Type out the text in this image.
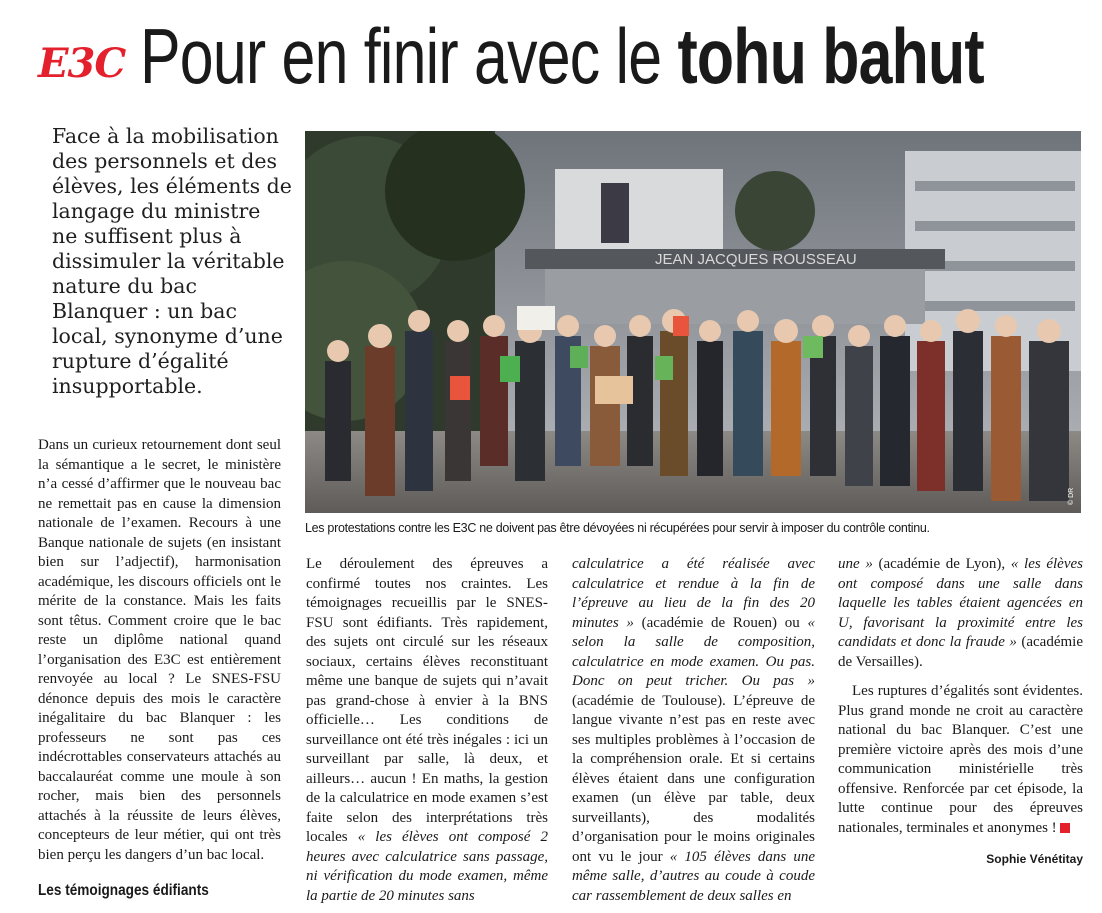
E3C Pour en finir avec le tohu bahut
Face à la mobilisation des personnels et des élèves, les éléments de langage du ministre ne suffisent plus à dissimuler la véritable nature du bac Blanquer : un bac local, synonyme d’une rupture d’égalité insupportable.
JEAN JACQUES ROUSSEAU
© DR
Les protestations contre les E3C ne doivent pas être dévoyées ni récupérées pour servir à imposer du contrôle continu.

Dans un curieux retournement dont seul la sémantique a le secret, le ministère n’a cessé d’affirmer que le nouveau bac ne remettait pas en cause la dimension nationale de l’examen. Recours à une Banque nationale de sujets (en insistant bien sur l’adjectif), harmonisation académique, les discours officiels ont le mérite de la constance. Mais les faits sont têtus. Comment croire que le bac reste un diplôme national quand l’organisation des E3C est entièrement renvoyée au local ? Le SNES-FSU dénonce depuis des mois le caractère inégalitaire du bac Blanquer : les professeurs ne sont pas ces indécrottables conservateurs attachés au baccalauréat comme une moule à son rocher, mais bien des personnels attachés à la réussite de leurs élèves, concepteurs de leur métier, qui ont très bien perçu les dangers d’un bac local.

Les témoignages édifiants

Le déroulement des épreuves a confirmé toutes nos craintes. Les témoignages recueillis par le SNES-FSU sont édifiants. Très rapidement, des sujets ont circulé sur les réseaux sociaux, certains élèves reconstituant même une banque de sujets qui n’avait pas grand-chose à envier à la BNS officielle… Les conditions de surveillance ont été très inégales : ici un surveillant par salle, là deux, et ailleurs… aucun ! En maths, la gestion de la calculatrice en mode examen s’est faite selon des interprétations très locales « les élèves ont composé 2 heures avec calculatrice sans passage, ni vérification du mode examen, même la partie de 20 minutes sans

calculatrice a été réalisée avec calculatrice et rendue à la fin de l’épreuve au lieu de la fin des 20 minutes » (académie de Rouen) ou « selon la salle de composition, calculatrice en mode examen. Ou pas. Donc on peut tricher. Ou pas » (académie de Toulouse). L’épreuve de langue vivante n’est pas en reste avec ses multiples problèmes à l’occasion de la compréhension orale. Et si certains élèves étaient dans une configuration examen (un élève par table, deux surveillants), des modalités d’organisation pour le moins originales ont vu le jour « 105 élèves dans une même salle, d’autres au coude à coude car rassemblement de deux salles en

une » (académie de Lyon), « les élèves ont composé dans une salle dans laquelle les tables étaient agencées en U, favorisant la proximité entre les candidats et donc la fraude » (académie de Versailles).

Les ruptures d’égalités sont évidentes. Plus grand monde ne croit au caractère national du bac Blanquer. C’est une première victoire après des mois d’une communication ministérielle très offensive. Renforcée par cet épisode, la lutte continue pour des épreuves nationales, terminales et anonymes !

Sophie Vénétitay
